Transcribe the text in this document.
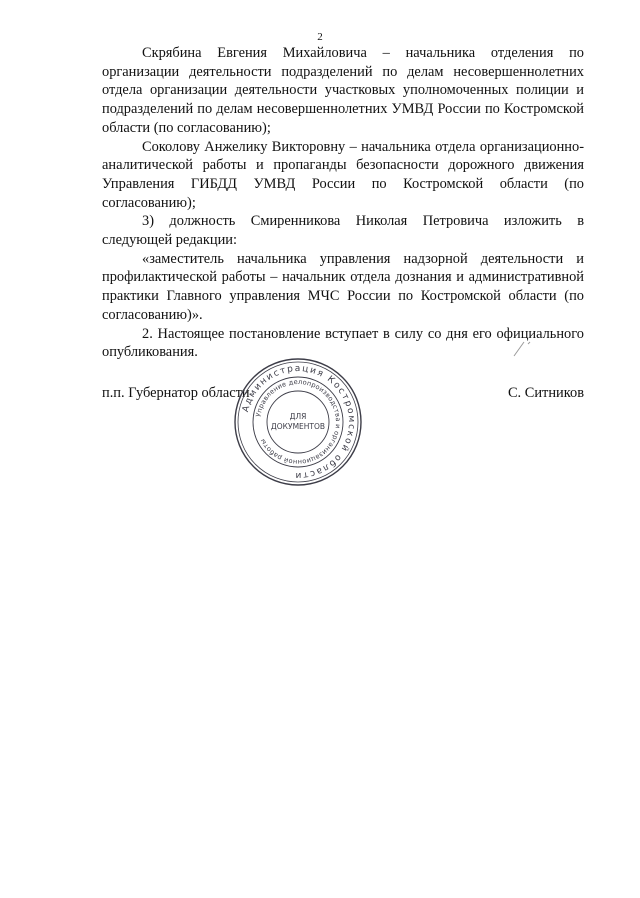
2

Скрябина Евгения Михайловича – начальника отделения по организации деятельности подразделений по делам несовершеннолетних отдела организации деятельности участковых уполномоченных полиции и подразделений по делам несовершеннолетних УМВД России по Костромской области (по согласованию);

Соколову Анжелику Викторовну – начальника отдела организационно-аналитической работы и пропаганды безопасности дорожного движения Управления ГИБДД УМВД России по Костромской области (по согласованию);

3) должность Смиренникова Николая Петровича изложить в следующей редакции:

«заместитель начальника управления надзорной деятельности и профилактической работы – начальник отдела дознания и административной практики Главного управления МЧС России по Костромской области (по согласованию)».

2. Настоящее постановление вступает в силу со дня его официального опубликования.

п.п. Губернатор области	С. Ситников
Администрация Костромской области
Управление делопроизводства и организационной работы
ДЛЯ
ДОКУМЕНТОВ
